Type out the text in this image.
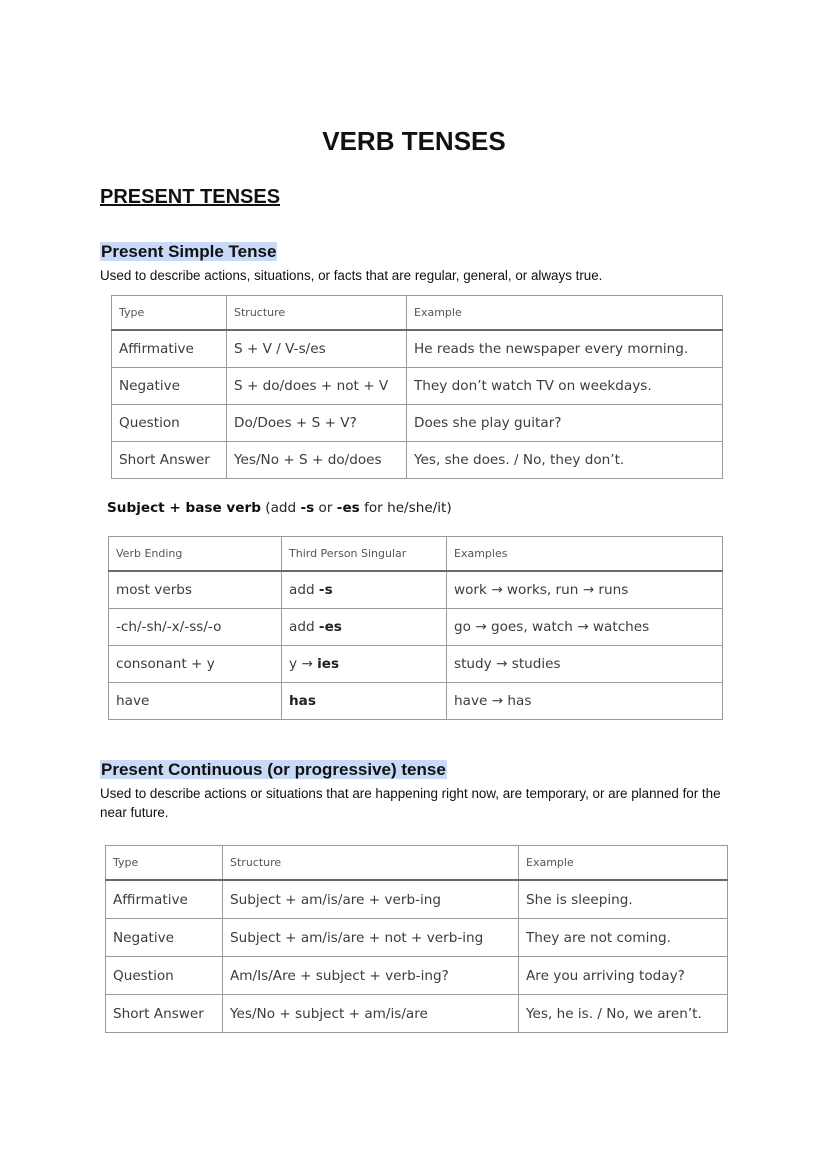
VERB TENSES
PRESENT TENSES
Present Simple Tense

Used to describe actions, situations, or facts that are regular, general, or always true.

Type	Structure	Example
Affirmative	S + V / V-s/es	He reads the newspaper every morning.
Negative	S + do/does + not + V	They don’t watch TV on weekdays.
Question	Do/Does + S + V?	Does she play guitar?
Short Answer	Yes/No + S + do/does	Yes, she does. / No, they don’t.

Subject + base verb (add -s or -es for he/she/it)

Verb Ending	Third Person Singular	Examples
most verbs	add -s	work → works, run → runs
-ch/-sh/-x/-ss/-o	add -es	go → goes, watch → watches
consonant + y	y → ies	study → studies
have	has	have → has
Present Continuous (or progressive) tense

Used to describe actions or situations that are happening right now, are temporary, or are planned for the near future.

Type	Structure	Example
Affirmative	Subject + am/is/are + verb-ing	She is sleeping.
Negative	Subject + am/is/are + not + verb-ing	They are not coming.
Question	Am/Is/Are + subject + verb-ing?	Are you arriving today?
Short Answer	Yes/No + subject + am/is/are	Yes, he is. / No, we aren’t.
